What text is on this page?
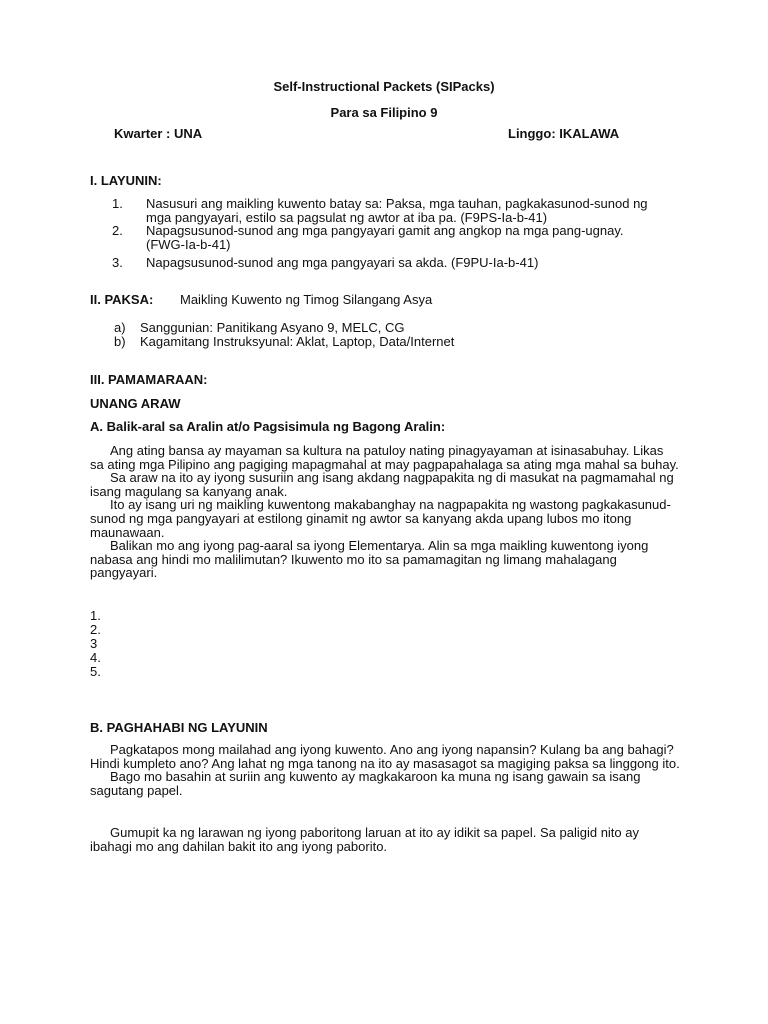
Self-Instructional Packets (SIPacks)
Para sa Filipino 9
Kwarter : UNA	Linggo: IKALAWA
I. LAYUNIN:
1. Nasusuri ang maikling kuwento batay sa: Paksa, mga tauhan, pagkakasunod-sunod ng
mga pangyayari, estilo sa pagsulat ng awtor at iba pa. (F9PS-Ia-b-41)
2. Napagsusunod-sunod ang mga pangyayari gamit ang angkop na mga pang-ugnay.
(FWG-Ia-b-41)
3. Napagsusunod-sunod ang mga pangyayari sa akda. (F9PU-Ia-b-41)
II. PAKSA: Maikling Kuwento ng Timog Silangang Asya
a) Sanggunian: Panitikang Asyano 9, MELC, CG
b) Kagamitang Instruksyunal: Aklat, Laptop, Data/Internet
III. PAMAMARAAN:
UNANG ARAW
A. Balik-aral sa Aralin at/o Pagsisimula ng Bagong Aralin:

Ang ating bansa ay mayaman sa kultura na patuloy nating pinagyayaman at isinasabuhay. Likas sa ating mga Pilipino ang pagiging mapagmahal at may pagpapahalaga sa ating mga mahal sa buhay.

Sa araw na ito ay iyong susuriin ang isang akdang nagpapakita ng di masukat na pagmamahal ng isang magulang sa kanyang anak.

Ito ay isang uri ng maikling kuwentong makabanghay na nagpapakita ng wastong pagkakasunud-sunod ng mga pangyayari at estilong ginamit ng awtor sa kanyang akda upang lubos mo itong maunawaan.

Balikan mo ang iyong pag-aaral sa iyong Elementarya. Alin sa mga maikling kuwentong iyong nabasa ang hindi mo malilimutan? Ikuwento mo ito sa pamamagitan ng limang mahalagang pangyayari.

1.
2.
3
4.
5.
B. PAGHAHABI NG LAYUNIN

Pagkatapos mong mailahad ang iyong kuwento. Ano ang iyong napansin? Kulang ba ang bahagi? Hindi kumpleto ano? Ang lahat ng mga tanong na ito ay masasagot sa magiging paksa sa linggong ito.

Bago mo basahin at suriin ang kuwento ay magkakaroon ka muna ng isang gawain sa isang sagutang papel.

Gumupit ka ng larawan ng iyong paboritong laruan at ito ay idikit sa papel. Sa paligid nito ay ibahagi mo ang dahilan bakit ito ang iyong paborito.
